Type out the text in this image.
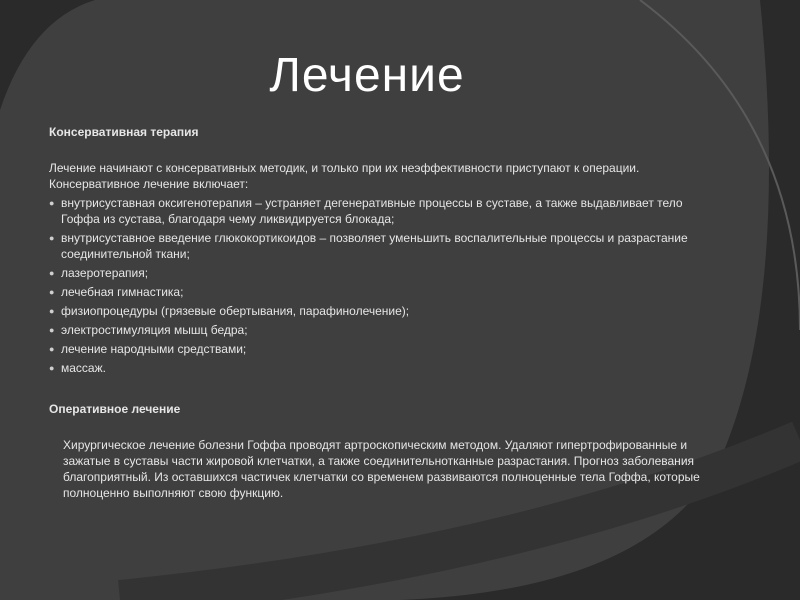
Лечение

Консервативная терапия

Лечение начинают с консервативных методик, и только при их неэффективности приступают к операции. Консервативное лечение включает:

● внутрисуставная оксигенотерапия – устраняет дегенеративные процессы в суставе, а также выдавливает тело Гоффа из сустава, благодаря чему ликвидируется блокада;
● внутрисуставное введение глюкокортикоидов – позволяет уменьшить воспалительные процессы и разрастание соединительной ткани;
● лазеротерапия;
● лечебная гимнастика;
● физиопроцедуры (грязевые обертывания, парафинолечение);
● электростимуляция мышц бедра;
● лечение народными средствами;
● массаж.

Оперативное лечение

Хирургическое лечение болезни Гоффа проводят артроскопическим методом. Удаляют гипертрофированные и зажатые в суставы части жировой клетчатки, а также соединительнотканные разрастания. Прогноз заболевания благоприятный. Из оставшихся частичек клетчатки со временем развиваются полноценные тела Гоффа, которые полноценно выполняют свою функцию.
